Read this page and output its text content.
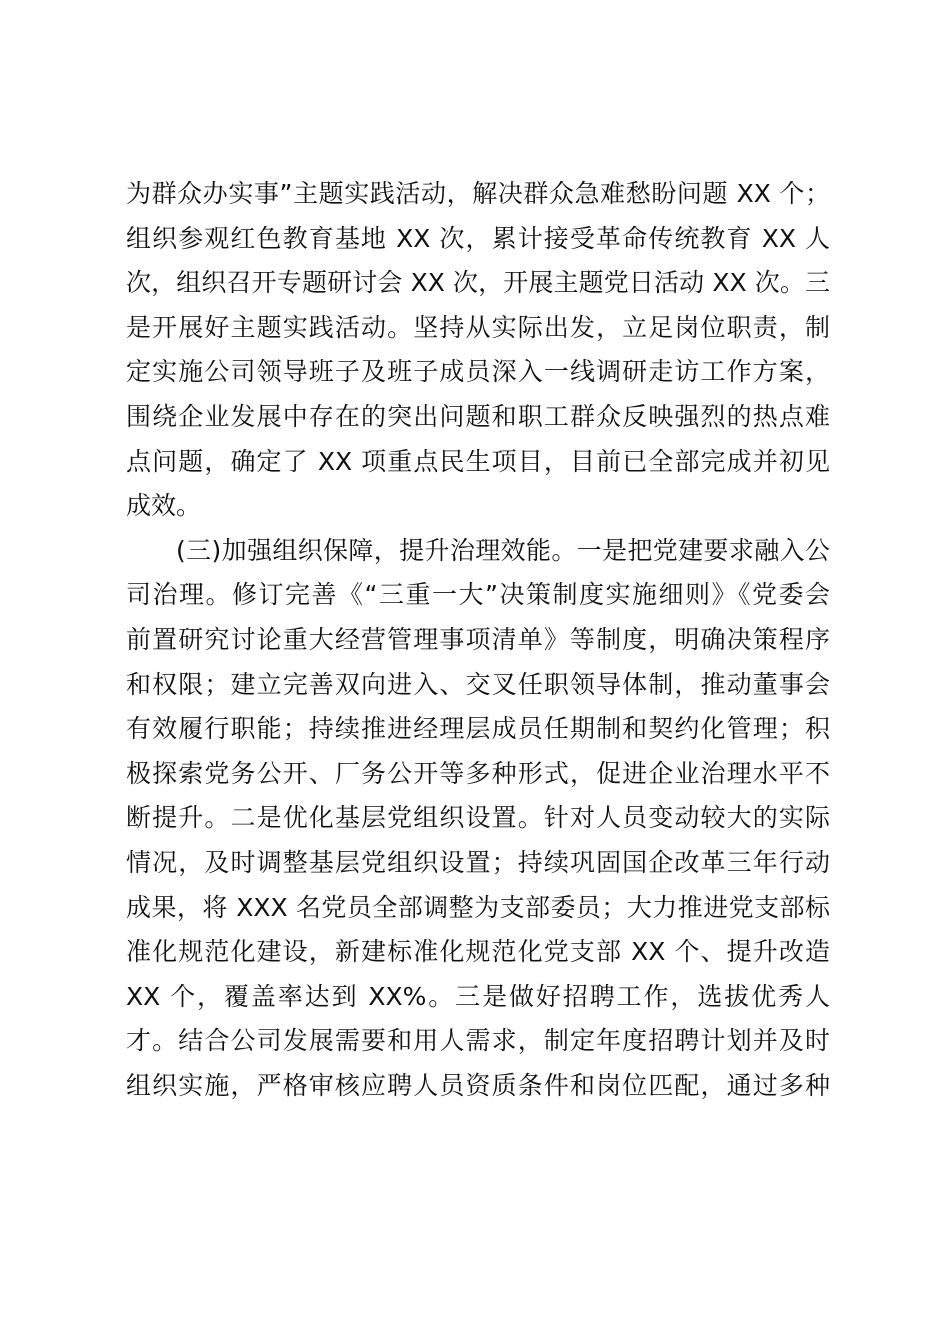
为群众办实事”主题实践活动，解决群众急难愁盼问题 XX 个；
组织参观红色教育基地 XX 次，累计接受革命传统教育 XX 人
次，组织召开专题研讨会 XX 次，开展主题党日活动 XX 次。三
是开展好主题实践活动。坚持从实际出发，立足岗位职责，制
定实施公司领导班子及班子成员深入一线调研走访工作方案，
围绕企业发展中存在的突出问题和职工群众反映强烈的热点难
点问题，确定了 XX 项重点民生项目，目前已全部完成并初见
成效。
(三)加强组织保障，提升治理效能。一是把党建要求融入公
司治理。修订完善《“三重一大”决策制度实施细则》《党委会
前置研究讨论重大经营管理事项清单》等制度，明确决策程序
和权限；建立完善双向进入、交叉任职领导体制，推动董事会
有效履行职能；持续推进经理层成员任期制和契约化管理；积
极探索党务公开、厂务公开等多种形式，促进企业治理水平不
断提升。二是优化基层党组织设置。针对人员变动较大的实际
情况，及时调整基层党组织设置；持续巩固国企改革三年行动
成果，将 XXX 名党员全部调整为支部委员；大力推进党支部标
准化规范化建设，新建标准化规范化党支部 XX 个、提升改造
XX 个，覆盖率达到 XX%。三是做好招聘工作，选拔优秀人
才。结合公司发展需要和用人需求，制定年度招聘计划并及时
组织实施，严格审核应聘人员资质条件和岗位匹配，通过多种
